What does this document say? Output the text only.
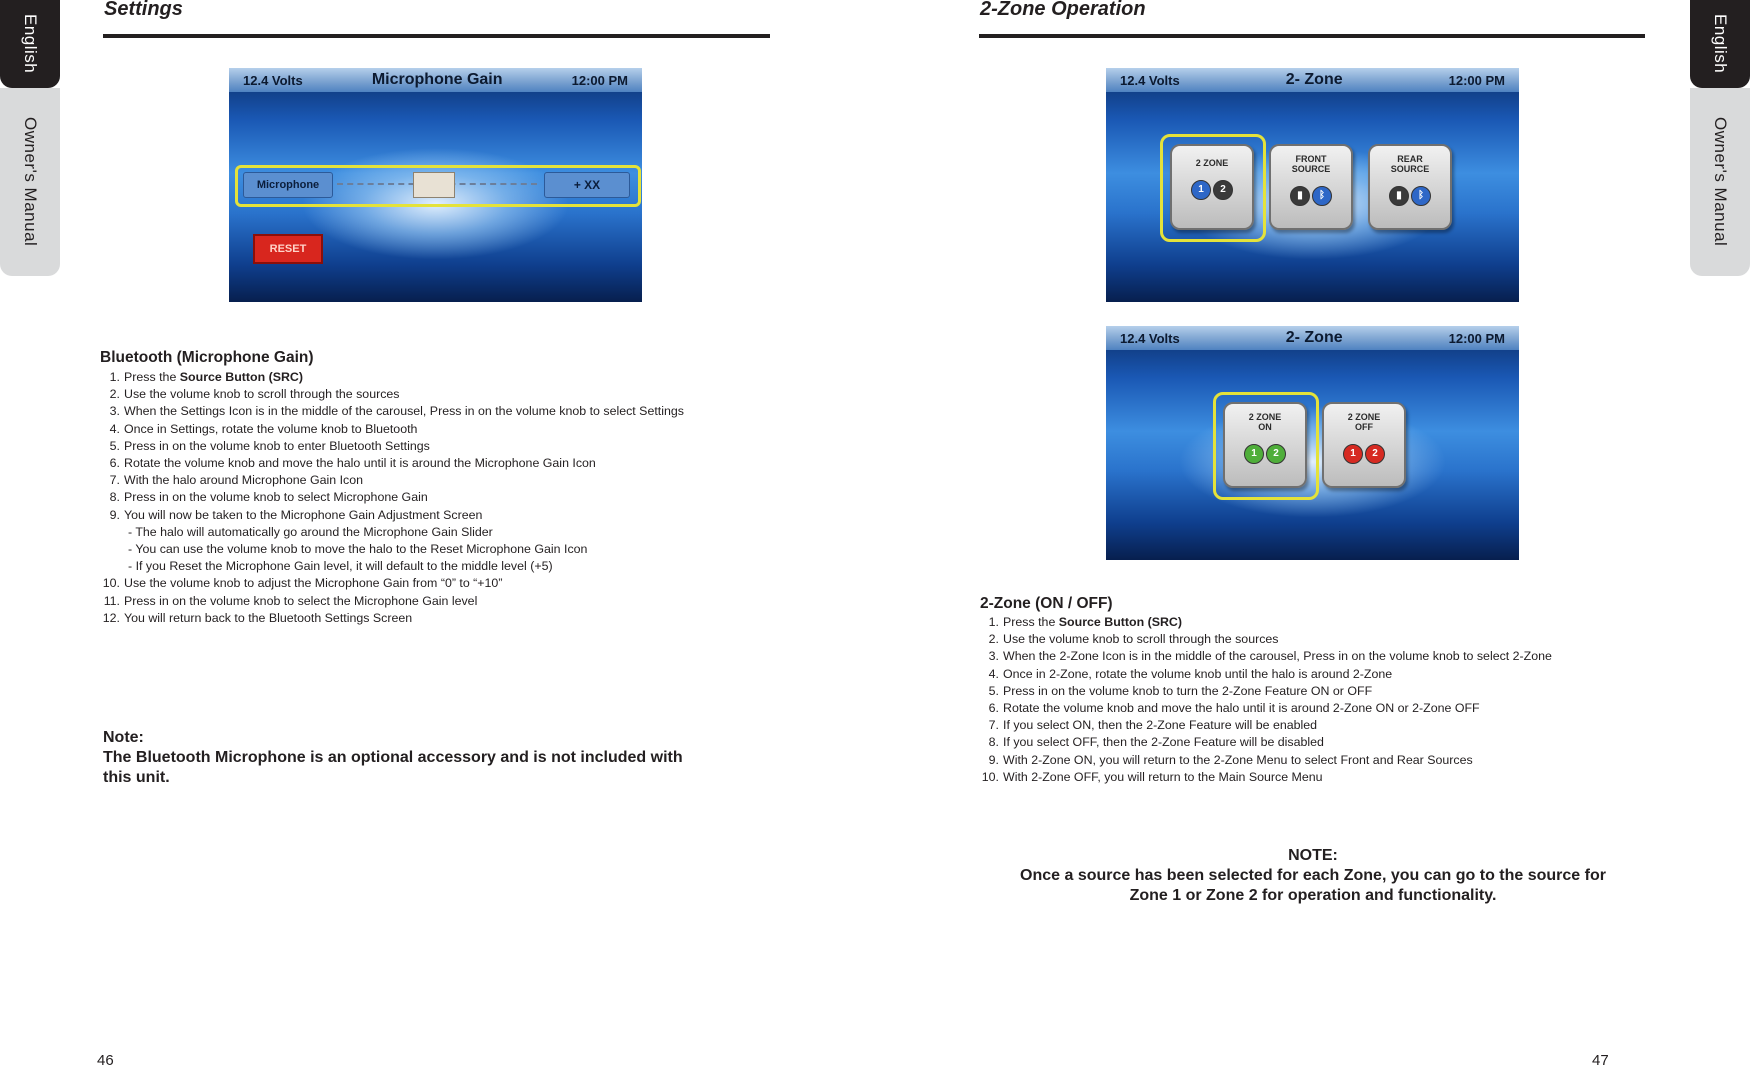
English
Owner's Manual
English
Owner's Manual
Settings
12.4 Volts	Microphone Gain	12:00 PM
Microphone	+ XX
RESET
Bluetooth (Microphone Gain)
1. Press the Source Button (SRC)
2. Use the volume knob to scroll through the sources
3. When the Settings Icon is in the middle of the carousel, Press in on the volume knob to select Settings
4. Once in Settings, rotate the volume knob to Bluetooth
5. Press in on the volume knob to enter Bluetooth Settings
6. Rotate the volume knob and move the halo until it is around the Microphone Gain Icon
7. With the halo around Microphone Gain Icon
8. Press in on the volume knob to select Microphone Gain
9. You will now be taken to the Microphone Gain Adjustment Screen
- The halo will automatically go around the Microphone Gain Slider
- You can use the volume knob to move the halo to the Reset Microphone Gain Icon
- If you Reset the Microphone Gain level, it will default to the middle level (+5)
10. Use the volume knob to adjust the Microphone Gain from “0” to “+10”
11. Press in on the volume knob to select the Microphone Gain level
12. You will return back to the Bluetooth Settings Screen
Note:
The Bluetooth Microphone is an optional accessory and is not included with
this unit.
46
2-Zone Operation
12.4 Volts	2- Zone	12:00 PM
2 ZONE
1 2
FRONT
SOURCE
▮ ᛒ
REAR
SOURCE
▮ ᛒ
12.4 Volts	2- Zone	12:00 PM
2 ZONE
ON
1 2
2 ZONE
OFF
1 2
2-Zone (ON / OFF)
1. Press the Source Button (SRC)
2. Use the volume knob to scroll through the sources
3. When the 2-Zone Icon is in the middle of the carousel, Press in on the volume knob to select 2-Zone
4. Once in 2-Zone, rotate the volume knob until the halo is around 2-Zone
5. Press in on the volume knob to turn the 2-Zone Feature ON or OFF
6. Rotate the volume knob and move the halo until it is around 2-Zone ON or 2-Zone OFF
7. If you select ON, then the 2-Zone Feature will be enabled
8. If you select OFF, then the 2-Zone Feature will be disabled
9. With 2-Zone ON, you will return to the 2-Zone Menu to select Front and Rear Sources
10. With 2-Zone OFF, you will return to the Main Source Menu
NOTE:
Once a source has been selected for each Zone, you can go to the source for
Zone 1 or Zone 2 for operation and functionality.
47
